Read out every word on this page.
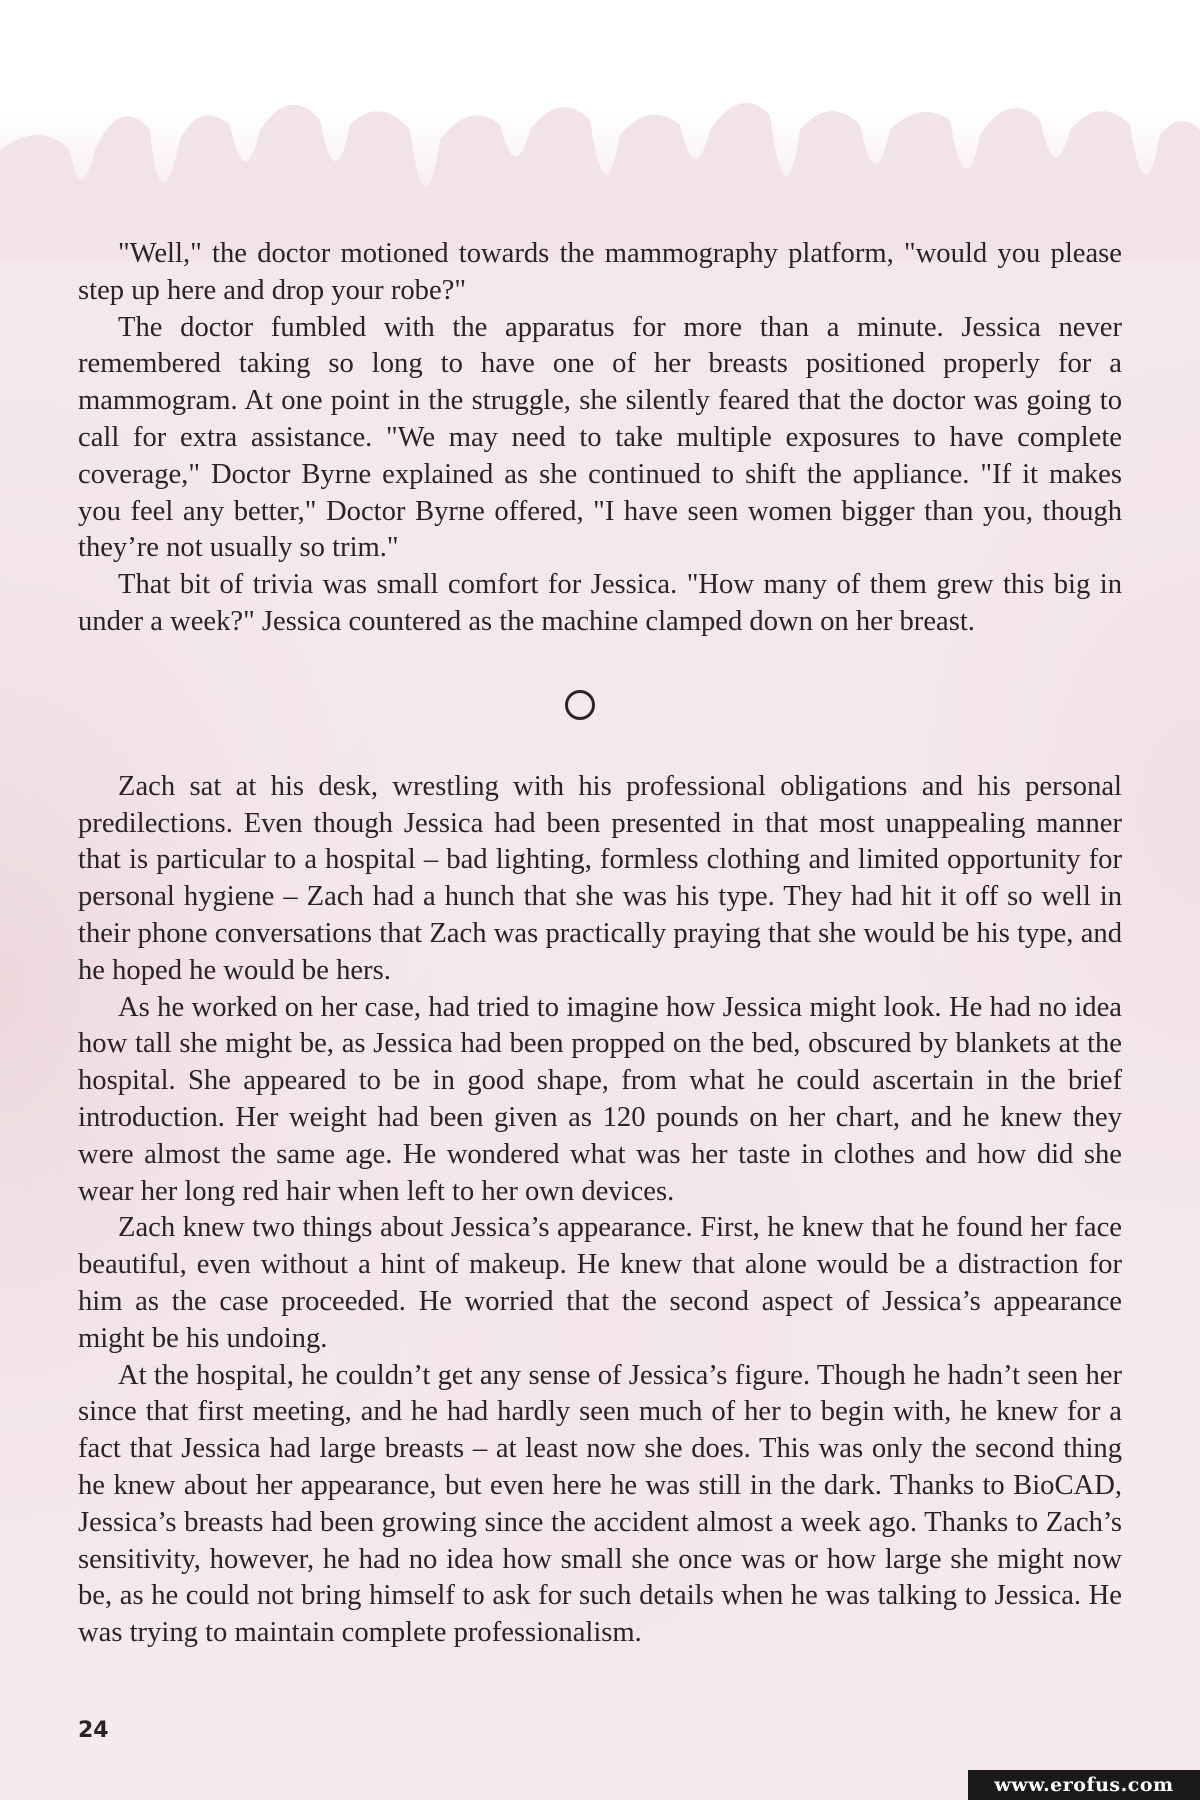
"Well," the doctor motioned towards the mammography platform, "would you please step up here and drop your robe?"

The doctor fumbled with the apparatus for more than a minute. Jessica never remembered taking so long to have one of her breasts positioned properly for a mammogram. At one point in the struggle, she silently feared that the doctor was going to call for extra assistance. "We may need to take multiple exposures to have complete coverage," Doctor Byrne explained as she continued to shift the appliance. "If it makes you feel any better," Doctor Byrne offered, "I have seen women bigger than you, though they’re not usually so trim."

That bit of trivia was small comfort for Jessica. "How many of them grew this big in under a week?" Jessica countered as the machine clamped down on her breast.

Zach sat at his desk, wrestling with his professional obligations and his personal predilections. Even though Jessica had been presented in that most unappealing manner that is particular to a hospital – bad lighting, formless clothing and limited opportunity for personal hygiene – Zach had a hunch that she was his type. They had hit it off so well in their phone conversations that Zach was practically praying that she would be his type, and he hoped he would be hers.

As he worked on her case, had tried to imagine how Jessica might look. He had no idea how tall she might be, as Jessica had been propped on the bed, obscured by blankets at the hospital. She appeared to be in good shape, from what he could ascertain in the brief introduction. Her weight had been given as 120 pounds on her chart, and he knew they were almost the same age. He wondered what was her taste in clothes and how did she wear her long red hair when left to her own devices.

Zach knew two things about Jessica’s appearance. First, he knew that he found her face beautiful, even without a hint of makeup. He knew that alone would be a distraction for him as the case proceeded. He worried that the second aspect of Jessica’s appearance might be his undoing.

At the hospital, he couldn’t get any sense of Jessica’s figure. Though he hadn’t seen her since that first meeting, and he had hardly seen much of her to begin with, he knew for a fact that Jessica had large breasts – at least now she does. This was only the second thing he knew about her appearance, but even here he was still in the dark. Thanks to BioCAD, Jessica’s breasts had been growing since the accident almost a week ago. Thanks to Zach’s sensitivity, however, he had no idea how small she once was or how large she might now be, as he could not bring himself to ask for such details when he was talking to Jessica. He was trying to maintain complete professionalism.

24
www.erofus.com
